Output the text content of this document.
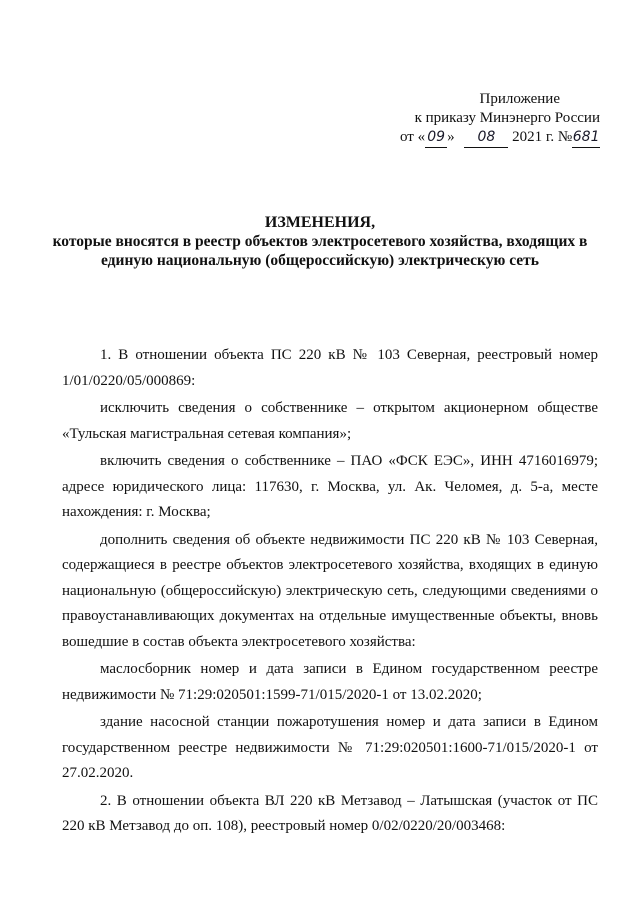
Приложение
к приказу Минэнерго России
от « 09 » 08 2021 г. №681
ИЗМЕНЕНИЯ,
которые вносятся в реестр объектов электросетевого хозяйства, входящих в
единую национальную (общероссийскую) электрическую сеть

1. В отношении объекта ПС 220 кВ № 103 Северная, реестровый номер 1/01/0220/05/000869:

исключить сведения о собственнике – открытом акционерном обществе «Тульская магистральная сетевая компания»;

включить сведения о собственнике – ПАО «ФСК ЕЭС», ИНН 4716016979; адресе юридического лица: 117630, г. Москва, ул. Ак. Челомея, д. 5-а, месте нахождения: г. Москва;

дополнить сведения об объекте недвижимости ПС 220 кВ № 103 Северная, содержащиеся в реестре объектов электросетевого хозяйства, входящих в единую национальную (общероссийскую) электрическую сеть, следующими сведениями о правоустанавливающих документах на отдельные имущественные объекты, вновь вошедшие в состав объекта электросетевого хозяйства:

маслосборник номер и дата записи в Едином государственном реестре недвижимости № 71:29:020501:1599-71/015/2020-1 от 13.02.2020;

здание насосной станции пожаротушения номер и дата записи в Едином государственном реестре недвижимости № 71:29:020501:1600-71/015/2020-1 от 27.02.2020.

2. В отношении объекта ВЛ 220 кВ Метзавод – Латышская (участок от ПС 220 кВ Метзавод до оп. 108), реестровый номер 0/02/0220/20/003468:
